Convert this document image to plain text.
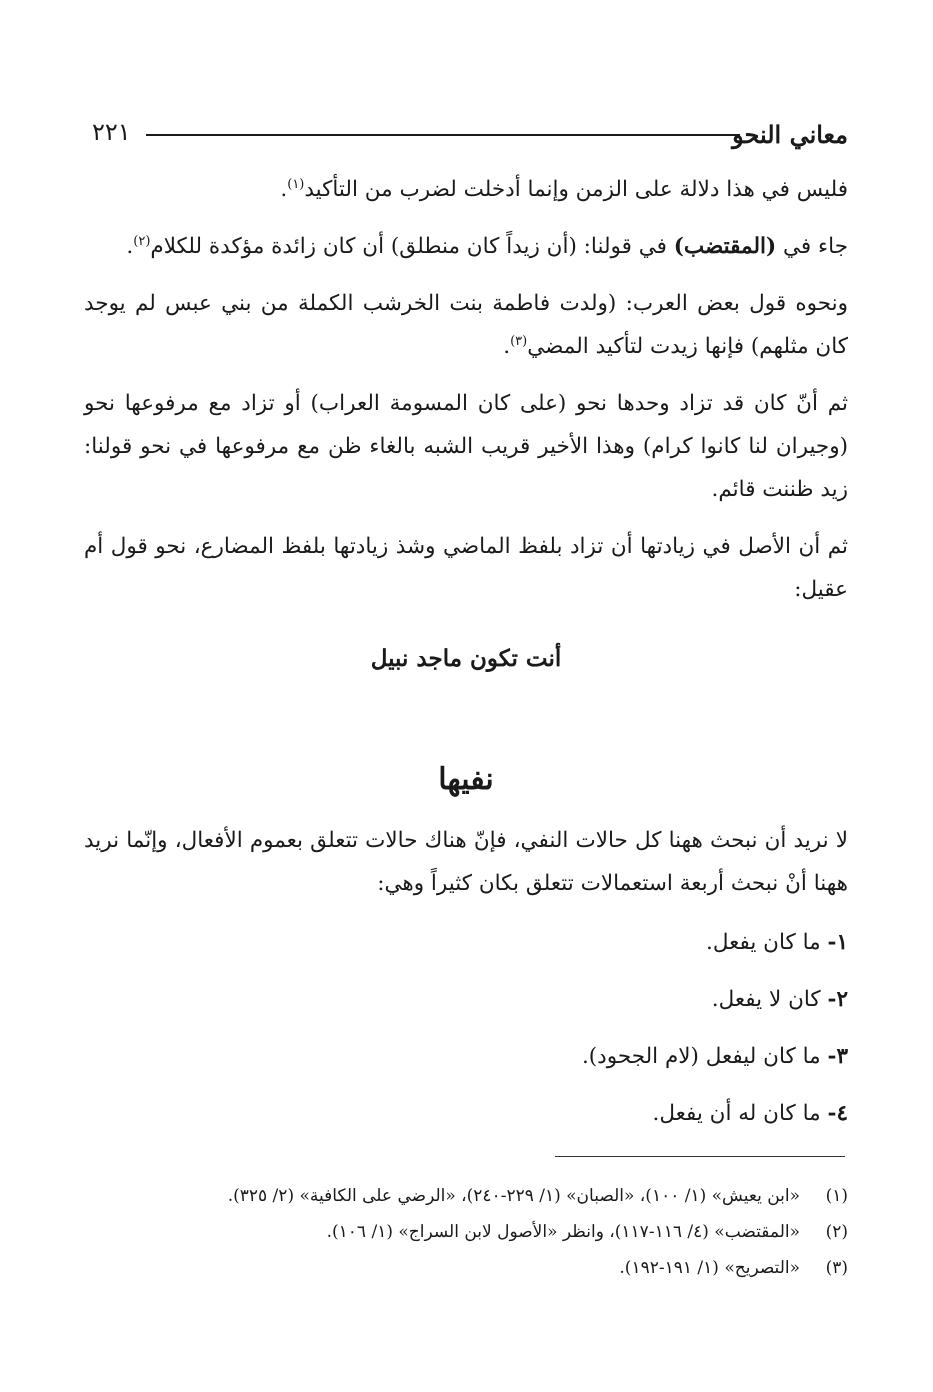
٢٢١	معاني النحو

فليس في هذا دلالة على الزمن وإنما أدخلت لضرب من التأكيد$^{(١)}$.

جاء في (المقتضب) في قولنا: (أن زيداً كان منطلق) أن كان زائدة مؤكدة للكلام$^{(٢)}$.

ونحوه قول بعض العرب: (ولدت فاطمة بنت الخرشب الكملة من بني عبس لم يوجد كان مثلهم) فإنها زيدت لتأكيد المضي$^{(٣)}$.

ثم أنّ كان قد تزاد وحدها نحو (على كان المسومة العراب) أو تزاد مع مرفوعها نحو (وجيران لنا كانوا كرام) وهذا الأخير قريب الشبه بالغاء ظن مع مرفوعها في نحو قولنا: زيد ظننت قائم.

ثم أن الأصل في زيادتها أن تزاد بلفظ الماضي وشذ زيادتها بلفظ المضارع، نحو قول أم عقيل:

أنت تكون ماجد نبيل
نفيها

لا نريد أن نبحث ههنا كل حالات النفي، فإنّ هناك حالات تتعلق بعموم الأفعال، وإنّما نريد ههنا أنْ نبحث أربعة استعمالات تتعلق بكان كثيراً وهي:

١- ما كان يفعل.
٢- كان لا يفعل.
٣- ما كان ليفعل (لام الجحود).
٤- ما كان له أن يفعل.

(١)«ابن يعيش» (١/ ١٠٠)، «الصبان» (١/ ٢٢٩-٢٤٠)، «الرضي على الكافية» (٢/ ٣٢٥).

(٢)«المقتضب» (٤/ ١١٦-١١٧)، وانظر «الأصول لابن السراج» (١/ ١٠٦).

(٣)«التصريح» (١/ ١٩١-١٩٢).
